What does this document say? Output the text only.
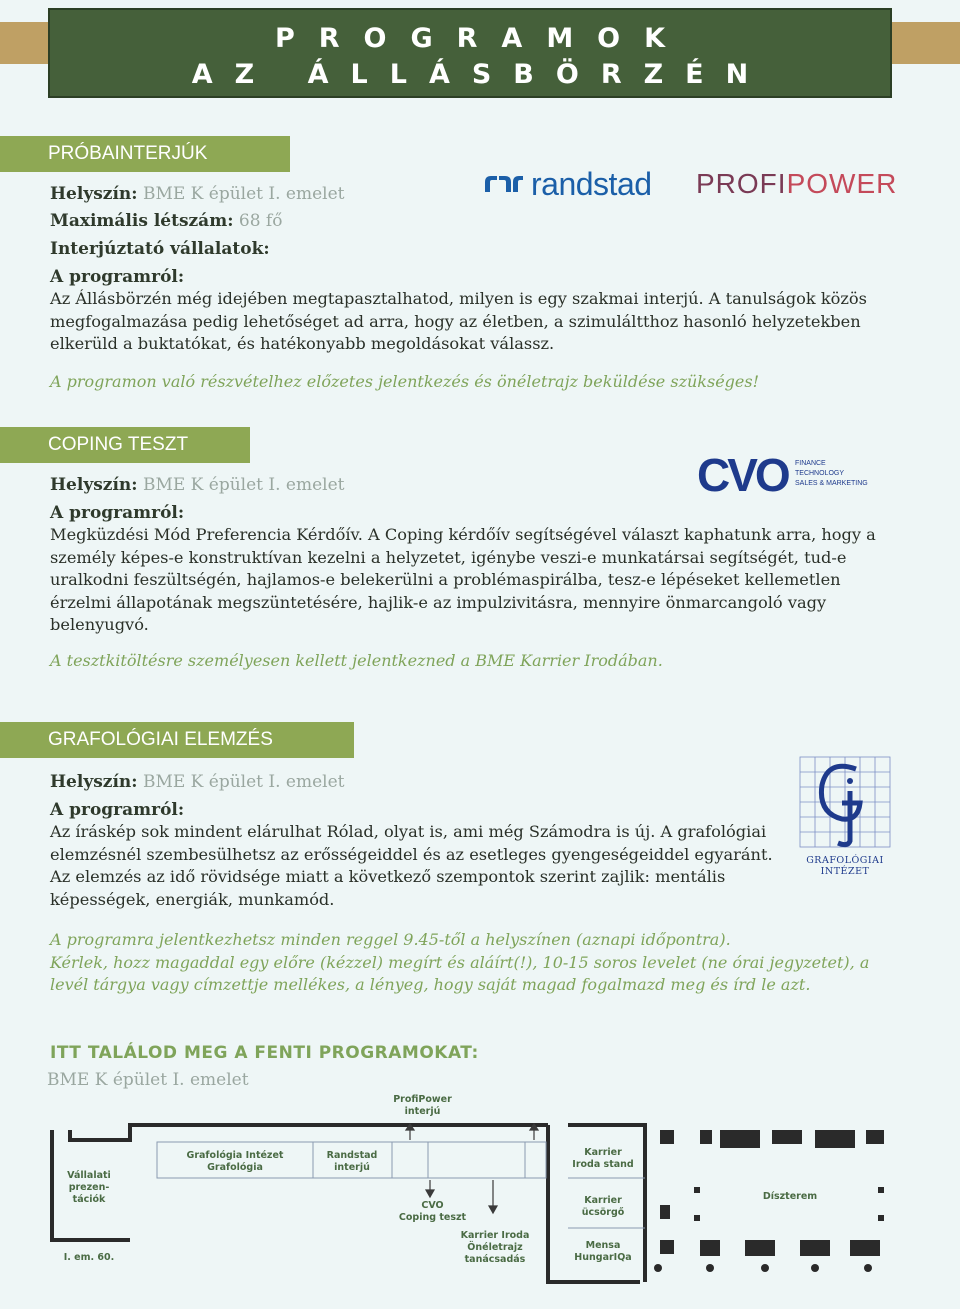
PROGRAMOK
AZ ÁLLÁSBÖRZÉN
PRÓBAINTERJÚK
randstad PROFIPOWER
Helyszín: BME K épület I. emelet
Maximális létszám: 68 fő
Interjúztató vállalatok:
A programról:
Az Állásbörzén még idejében megtapasztalhatod, milyen is egy szakmai interjú. A tanulságok közös megfogalmazása pedig lehetőséget ad arra, hogy az életben, a szimuláltthoz hasonló helyzetekben elkerüld a buktatókat, és hatékonyabb megoldásokat válassz.
A programon való részvételhez előzetes jelentkezés és önéletrajz beküldése szükséges!
COPING TESZT
CVO FINANCE
TECHNOLOGY
SALES & MARKETING
Helyszín: BME K épület I. emelet
A programról:
Megküzdési Mód Preferencia Kérdőív. A Coping kérdőív segítségével választ kaphatunk arra, hogy a személy képes-e konstruktívan kezelni a helyzetet, igénybe veszi-e munkatársai segítségét, tud-e uralkodni feszültségén, hajlamos-e belekerülni a problémaspirálba, tesz-e lépéseket kellemetlen érzelmi állapotának megszüntetésére, hajlik-e az impulzivitásra, mennyire önmarcangoló vagy belenyugvó.
A tesztkitöltésre személyesen kellett jelentkezned a BME Karrier Irodában.
GRAFOLÓGIAI ELEMZÉS
GRAFOLÓGIAI
INTÉZET
Helyszín: BME K épület I. emelet
A programról:
Az íráskép sok mindent elárulhat Rólad, olyat is, ami még Számodra is új. A grafológiai elemzésnél szembesülhetsz az erősségeiddel és az esetleges gyengeségeiddel egyaránt. Az elemzés az idő rövidsége miatt a következő szempontok szerint zajlik: mentális képességek, energiák, munkamód.
A programra jelentkezhetsz minden reggel 9.45-től a helyszínen (aznapi időpontra).
Kérlek, hozz magaddal egy előre (kézzel) megírt és aláírt(!), 10-15 soros levelet (ne órai jegyzetet), a
levél tárgya vagy címzettje mellékes, a lényeg, hogy saját magad fogalmazd meg és írd le azt.
ITT TALÁLOD MEG A FENTI PROGRAMOKAT:
BME K épület I. emelet
ProfiPower
interjú
Vállalati
prezen-
tációk
Grafológia Intézet
Grafológia
Randstad
interjú
CVO
Coping teszt
Karrier Iroda
Önéletrajz
tanácsadás
I. em. 60.
Karrier
Iroda stand
Karrier
ücsörgő
Mensa
HungarIQa
Díszterem
